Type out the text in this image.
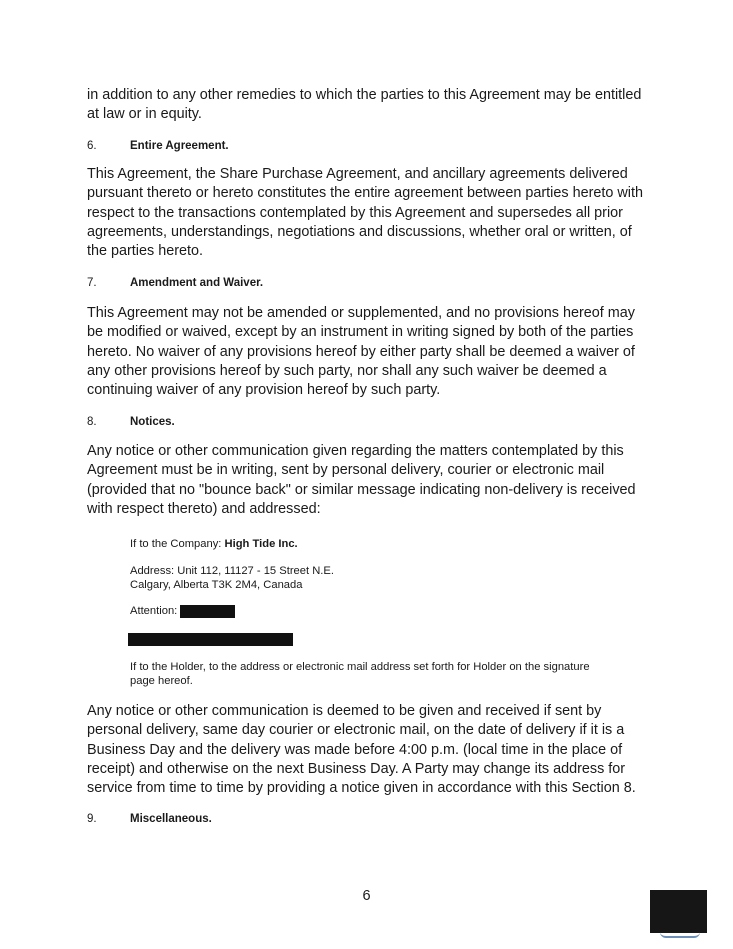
in addition to any other remedies to which the parties to this Agreement may be entitled at law or in equity.

6.	Entire Agreement.

This Agreement, the Share Purchase Agreement, and ancillary agreements delivered pursuant thereto or hereto constitutes the entire agreement between parties hereto with respect to the transactions contemplated by this Agreement and supersedes all prior agreements, understandings, negotiations and discussions, whether oral or written, of the parties hereto.

7.	Amendment and Waiver.

This Agreement may not be amended or supplemented, and no provisions hereof may be modified or waived, except by an instrument in writing signed by both of the parties hereto. No waiver of any provisions hereof by either party shall be deemed a waiver of any other provisions hereof by such party, nor shall any such waiver be deemed a continuing waiver of any provision hereof by such party.

8.	Notices.

Any notice or other communication given regarding the matters contemplated by this Agreement must be in writing, sent by personal delivery, courier or electronic mail (provided that no "bounce back" or similar message indicating non-delivery is received with respect thereto) and addressed:

If to the Company: High Tide Inc.

Address: Unit 112, 11127 - 15 Street N.E.

Calgary, Alberta T3K 2M4, Canada

Attention:

If to the Holder, to the address or electronic mail address set forth for Holder on the signature

page hereof.

Any notice or other communication is deemed to be given and received if sent by personal delivery, same day courier or electronic mail, on the date of delivery if it is a Business Day and the delivery was made before 4:00 p.m. (local time in the place of receipt) and otherwise on the next Business Day. A Party may change its address for service from time to time by providing a notice given in accordance with this Section 8.

9.	Miscellaneous.

6
